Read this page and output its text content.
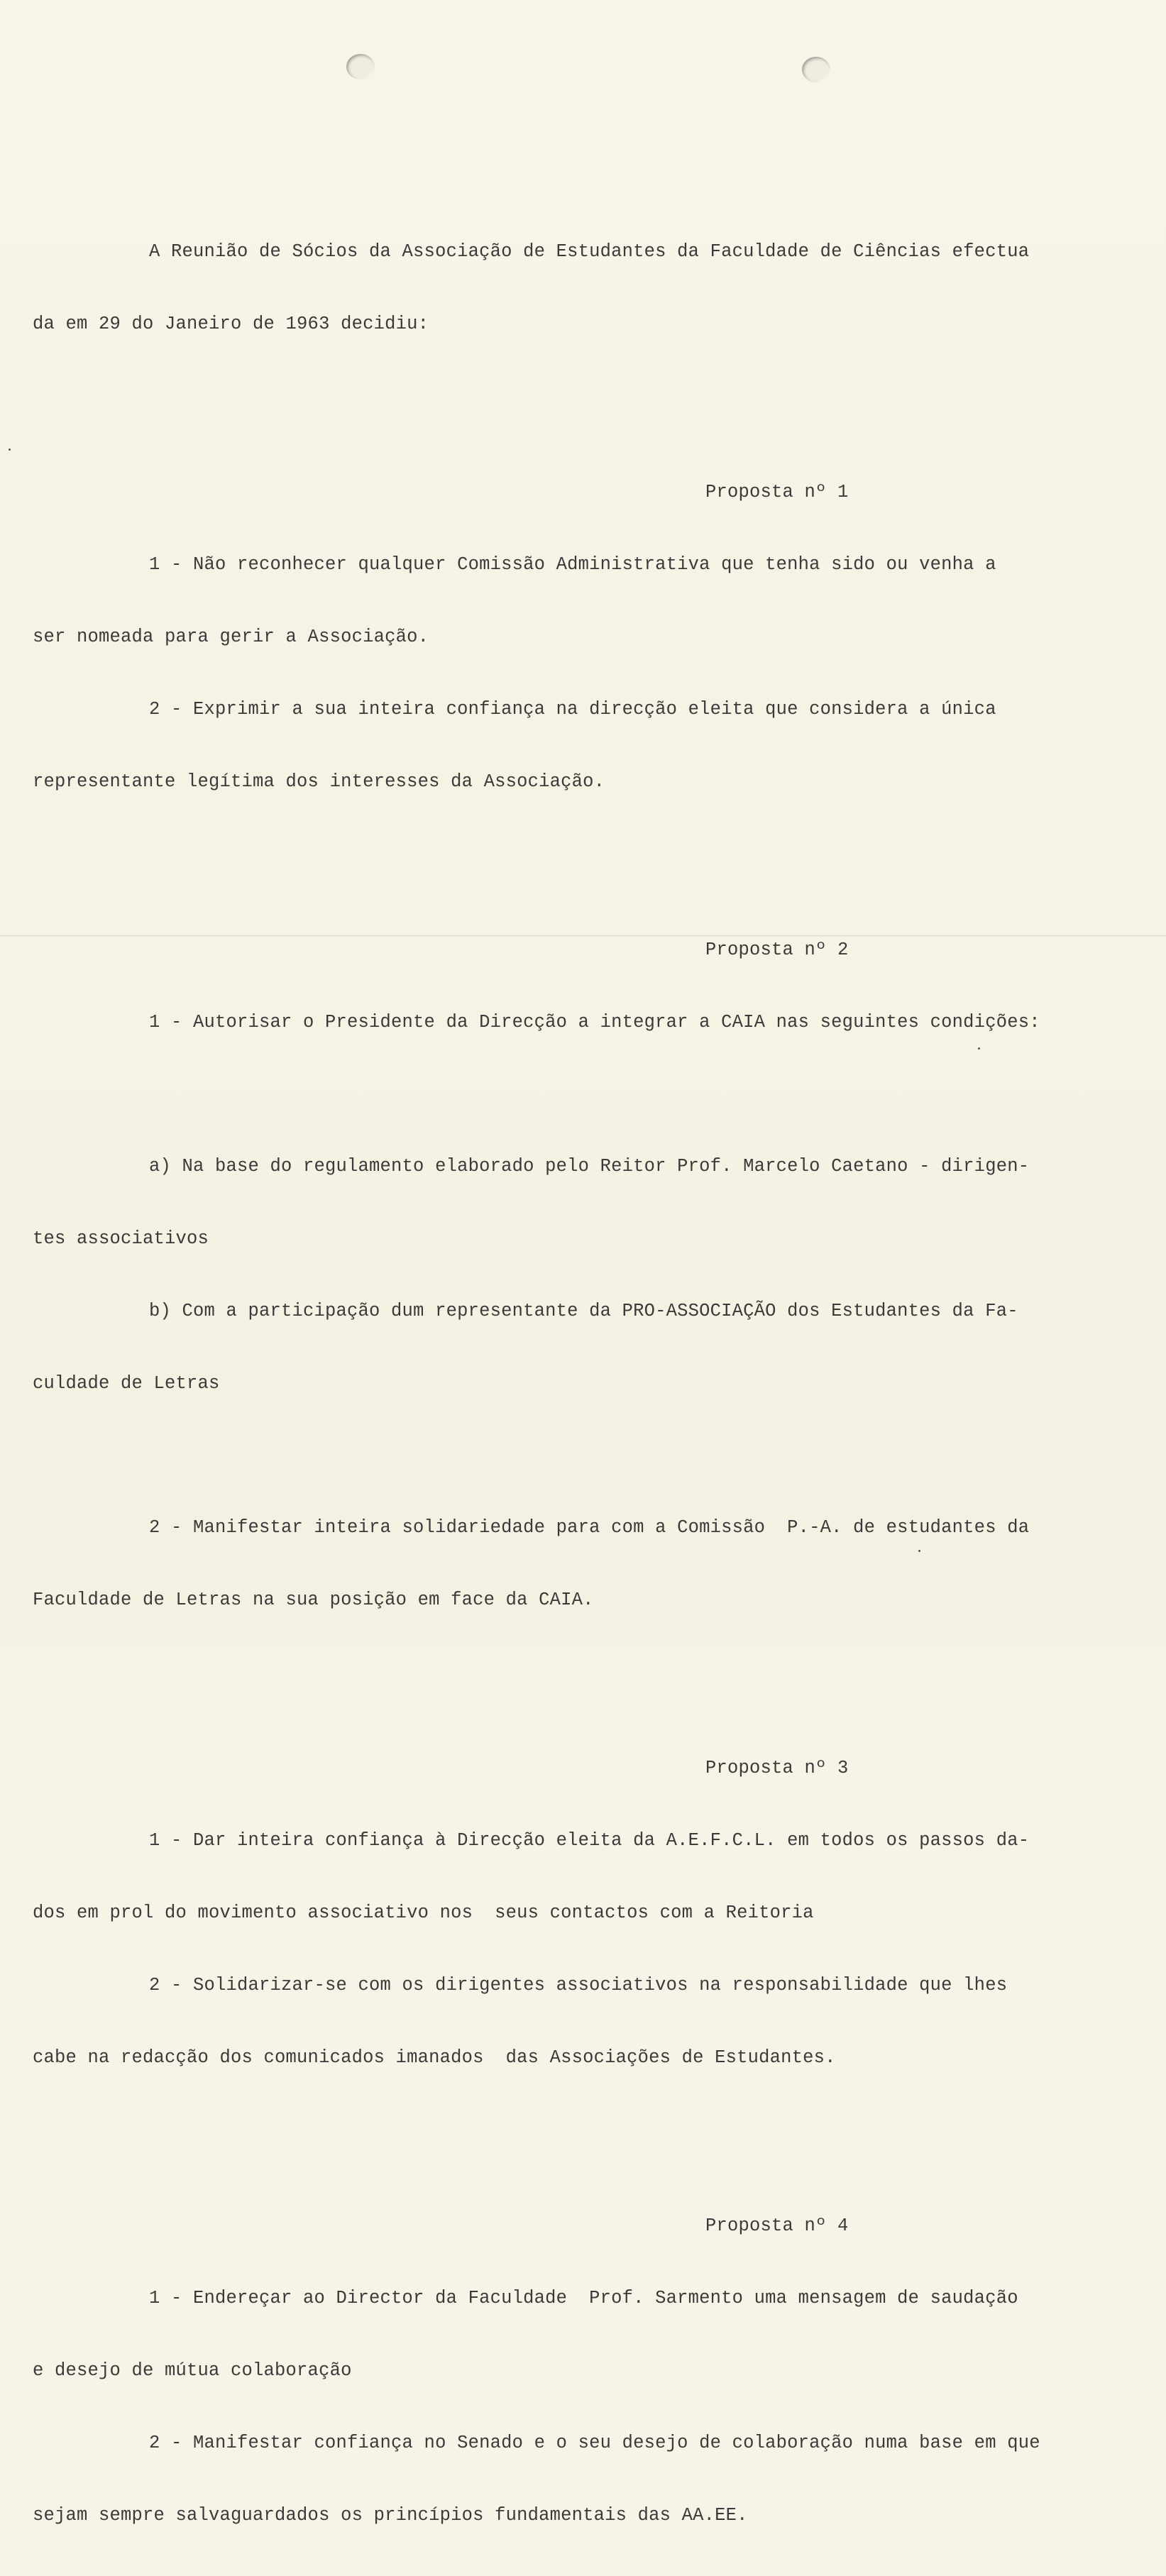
A Reunião de Sócios da Associação de Estudantes da Faculdade de Ciências efectua

da em 29 do Janeiro de 1963 decidiu:

Proposta nº 1

1 - Não reconhecer qualquer Comissão Administrativa que tenha sido ou venha a

ser nomeada para gerir a Associação.

2 - Exprimir a sua inteira confiança na direcção eleita que considera a única

representante legítima dos interesses da Associação.

Proposta nº 2

1 - Autorisar o Presidente da Direcção a integrar a CAIA nas seguintes condições:

a) Na base do regulamento elaborado pelo Reitor Prof. Marcelo Caetano - dirigen-

tes associativos

b) Com a participação dum representante da PRO-ASSOCIAÇÃO dos Estudantes da Fa-

culdade de Letras

2 - Manifestar inteira solidariedade para com a Comissão  P.-A. de estudantes da

Faculdade de Letras na sua posição em face da CAIA.

Proposta nº 3

1 - Dar inteira confiança à Direcção eleita da A.E.F.C.L. em todos os passos da-

dos em prol do movimento associativo nos  seus contactos com a Reitoria

2 - Solidarizar-se com os dirigentes associativos na responsabilidade que lhes

cabe na redacção dos comunicados imanados  das Associações de Estudantes.

Proposta nº 4

1 - Endereçar ao Director da Faculdade  Prof. Sarmento uma mensagem de saudação

e desejo de mútua colaboração

2 - Manifestar confiança no Senado e o seu desejo de colaboração numa base em que

sejam sempre salvaguardados os princípios fundamentais das AA.EE.
